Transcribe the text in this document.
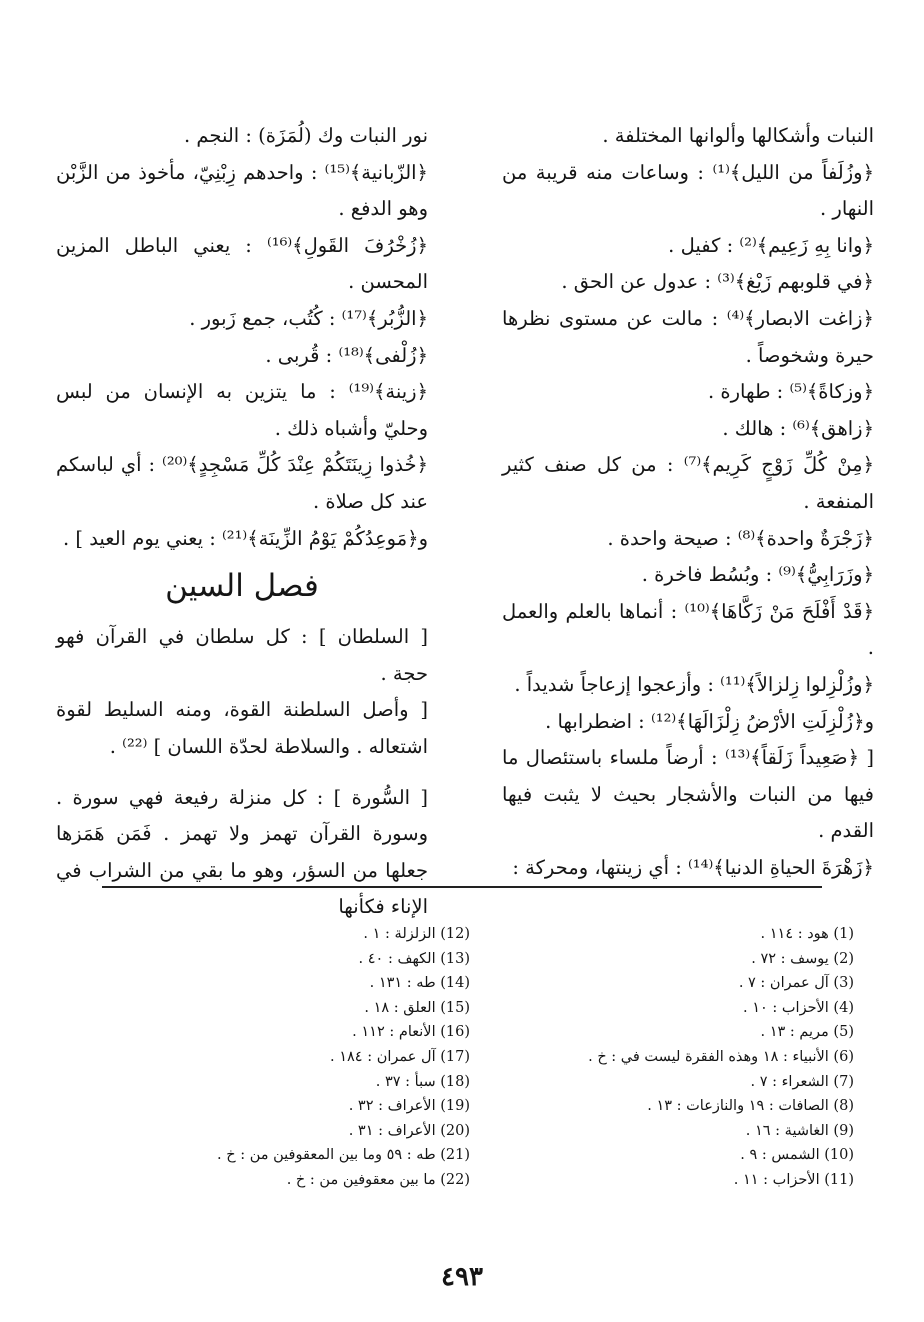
النبات وأشكالها وألوانها المختلفة .

﴿وزُلَفاً من الليل﴾⁽¹⁾ : وساعات منه قريبة من النهار .

﴿وانا بِهِ زَعِيم﴾⁽²⁾ : كفيل .

﴿في قلوبهم زَيْغ﴾⁽³⁾ : عدول عن الحق .

﴿زاغت الابصار﴾⁽⁴⁾ : مالت عن مستوى نظرها حيرة وشخوصاً .

﴿وزكاةً﴾⁽⁵⁾ : طهارة .

﴿زاهق﴾⁽⁶⁾ : هالك .

﴿مِنْ كُلِّ زَوْجٍ كَرِيم﴾⁽⁷⁾ : من كل صنف كثير المنفعة .

﴿زَجْرَةٌ واحدة﴾⁽⁸⁾ : صيحة واحدة .

﴿وزَرَابِيُّ﴾⁽⁹⁾ : وبُسُط فاخرة .

﴿قَدْ أَفْلَحَ مَنْ زَكَّاهَا﴾⁽¹⁰⁾ : أنماها بالعلم والعمل .

﴿وزُلْزِلوا زِلزالاً﴾⁽¹¹⁾ : وأزعجوا إزعاجاً شديداً .

و﴿زُلْزِلَتِ الأرْضُ زِلْزَالَهَا﴾⁽¹²⁾ : اضطرابها .

[ ﴿صَعِيداً زَلَقاً﴾⁽¹³⁾ : أرضاً ملساء باستئصال ما فيها من النبات والأشجار بحيث لا يثبت فيها القدم .

﴿زَهْرَةَ الحياةِ الدنيا﴾⁽¹⁴⁾ : أي زينتها، ومحركة :

نور النبات وك (لُمَزَة) : النجم .

﴿الزّبانية﴾⁽¹⁵⁾ : واحدهم زِبْنِيّ، مأخوذ من الزَّبْن وهو الدفع .

﴿زُخْرُفَ القَولِ﴾⁽¹⁶⁾ : يعني الباطل المزين المحسن .

﴿الزُّبُر﴾⁽¹⁷⁾ : كُتُب، جمع زَبور .

﴿زُلْفى﴾⁽¹⁸⁾ : قُربى .

﴿زينة﴾⁽¹⁹⁾ : ما يتزين به الإنسان من لبس وحليّ وأشباه ذلك .

﴿خُذوا زِينَتَكُمْ عِنْدَ كُلِّ مَسْجِدٍ﴾⁽²⁰⁾ : أي لباسكم عند كل صلاة .

و﴿مَوعِدُكُمْ يَوْمُ الزِّينَة﴾⁽²¹⁾ : يعني يوم العيد ] .

فصل السين

[ السلطان ] : كل سلطان في القرآن فهو حجة .

[ وأصل السلطنة القوة، ومنه السليط لقوة اشتعاله . والسلاطة لحدّة اللسان ] ⁽²²⁾ .

[ السُّورة ] : كل منزلة رفيعة فهي سورة . وسورة القرآن تهمز ولا تهمز . فَمَن هَمَزها جعلها من السؤر، وهو ما بقي من الشراب في الإناء فكأنها

(1) هود : ١١٤ .
(2) يوسف : ٧٢ .
(3) آل عمران : ٧ .
(4) الأحزاب : ١٠ .
(5) مريم : ١٣ .
(6) الأنبياء : ١٨ وهذه الفقرة ليست في : خ .
(7) الشعراء : ٧ .
(8) الصافات : ١٩ والنازعات : ١٣ .
(9) الغاشية : ١٦ .
(10) الشمس : ٩ .
(11) الأحزاب : ١١ .
(12) الزلزلة : ١ .
(13) الكهف : ٤٠ .
(14) طه : ١٣١ .
(15) العلق : ١٨ .
(16) الأنعام : ١١٢ .
(17) آل عمران : ١٨٤ .
(18) سبأ : ٣٧ .
(19) الأعراف : ٣٢ .
(20) الأعراف : ٣١ .
(21) طه : ٥٩ وما بين المعقوفين من : خ .
(22) ما بين معقوفين من : خ .
٤٩٣
